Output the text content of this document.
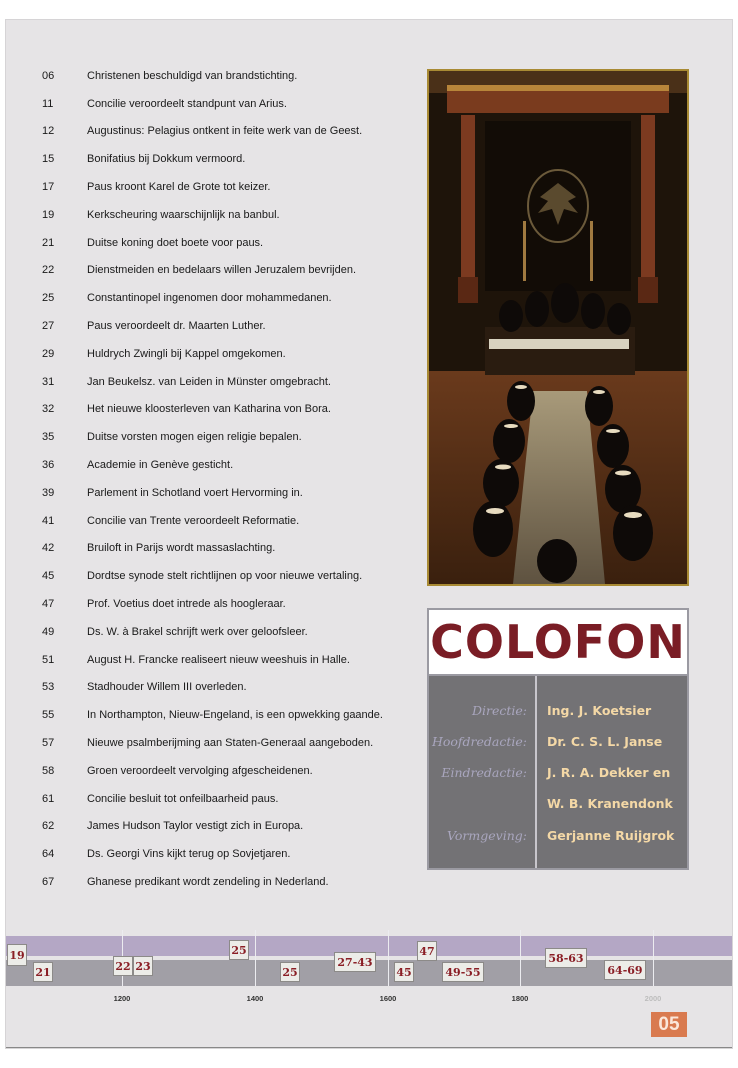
06	Christenen beschuldigd van brandstichting.
11	Concilie veroordeelt standpunt van Arius.
12	Augustinus: Pelagius ontkent in feite werk van de Geest.
15	Bonifatius bij Dokkum vermoord.
17	Paus kroont Karel de Grote tot keizer.
19	Kerkscheuring waarschijnlijk na banbul.
21	Duitse koning doet boete voor paus.
22	Dienstmeiden en bedelaars willen Jeruzalem bevrijden.
25	Constantinopel ingenomen door mohammedanen.
27	Paus veroordeelt dr. Maarten Luther.
29	Huldrych Zwingli bij Kappel omgekomen.
31	Jan Beukelsz. van Leiden in Münster omgebracht.
32	Het nieuwe kloosterleven van Katharina von Bora.
35	Duitse vorsten mogen eigen religie bepalen.
36	Academie in Genève gesticht.
39	Parlement in Schotland voert Hervorming in.
41	Concilie van Trente veroordeelt Reformatie.
42	Bruiloft in Parijs wordt massaslachting.
45	Dordtse synode stelt richtlijnen op voor nieuwe vertaling.
47	Prof. Voetius doet intrede als hoogleraar.
49	Ds. W. à Brakel schrijft werk over geloofsleer.
51	August H. Francke realiseert nieuw weeshuis in Halle.
53	Stadhouder Willem III overleden.
55	In Northampton, Nieuw-Engeland, is een opwekking gaande.
57	Nieuwe psalmberijming aan Staten-Generaal aangeboden.
58	Groen veroordeelt vervolging afgescheidenen.
61	Concilie besluit tot onfeilbaarheid paus.
62	James Hudson Taylor vestigt zich in Europa.
64	Ds. Georgi Vins kijkt terug op Sovjetjaren.
67	Ghanese predikant wordt zendeling in Nederland.
COLOFON
Directie: Ing. J. Koetsier
Hoofdredactie: Dr. C. S. L. Janse
Eindredactie: J. R. A. Dekker en
W. B. Kranendonk
Vormgeving: Gerjanne Ruijgrok
1200	1400	1600	1800	2000
19
21	22 23
25
25
27-43
45
47
49-55
58-63
64-69
05
